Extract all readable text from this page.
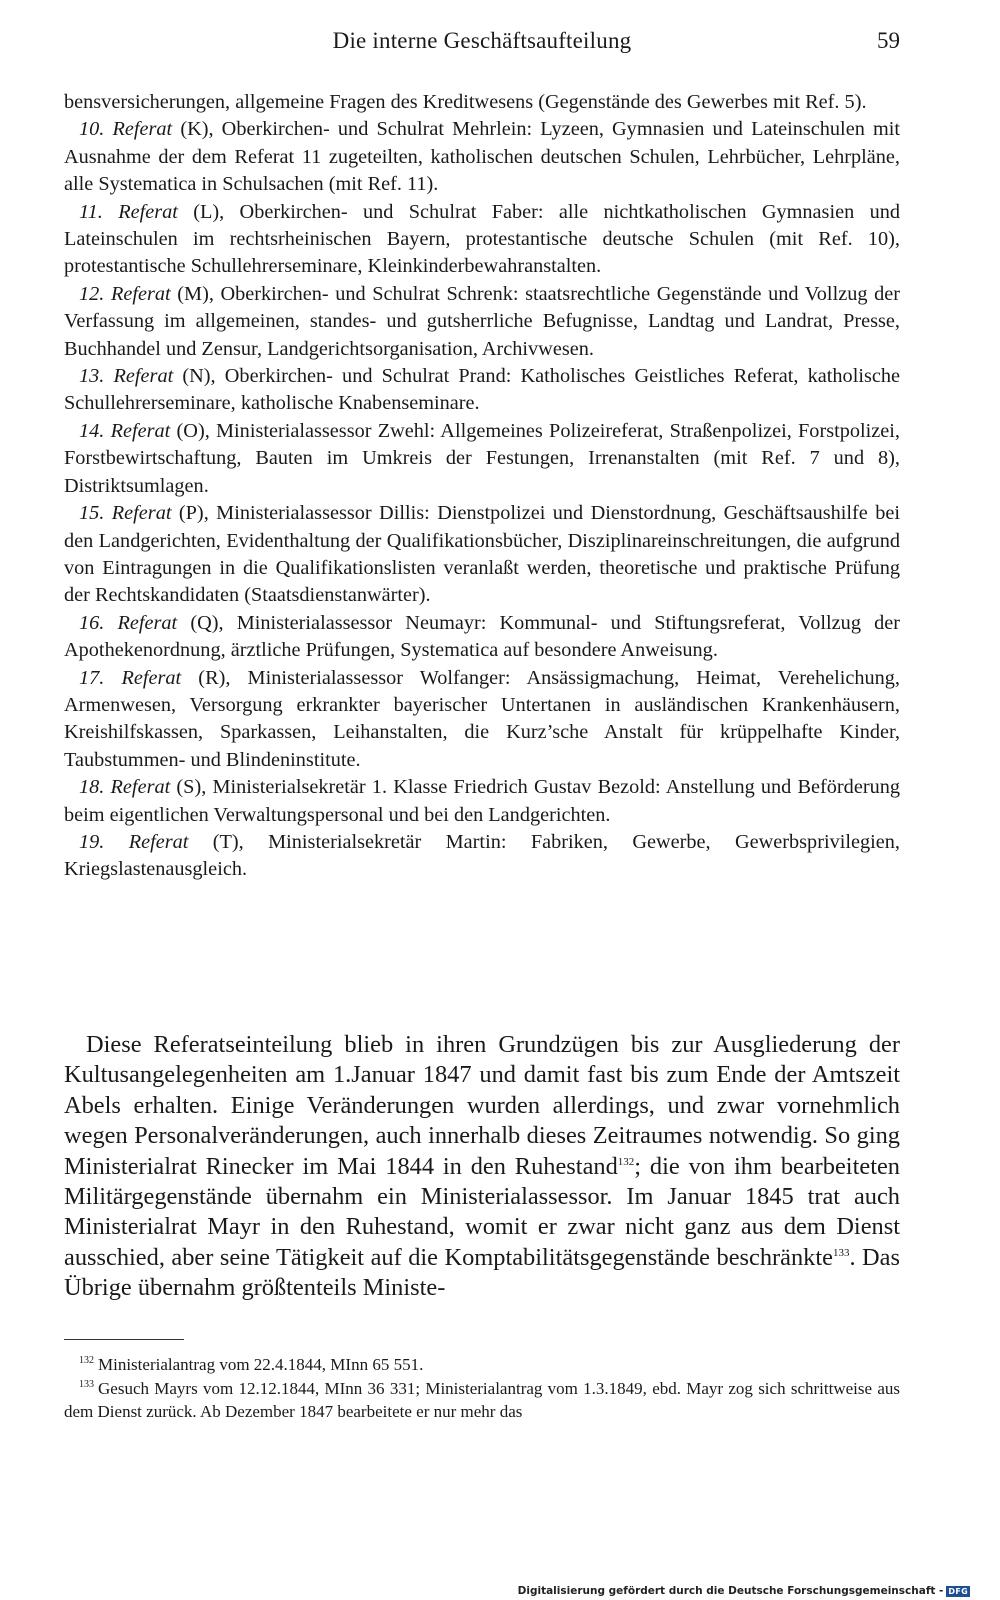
Die interne Geschäftsaufteilung	59

bensversicherungen, allgemeine Fragen des Kreditwesens (Gegenstände des Gewerbes mit Ref. 5).

10. Referat (K), Oberkirchen- und Schulrat Mehrlein: Lyzeen, Gymnasien und Lateinschulen mit Ausnahme der dem Referat 11 zugeteilten, katholischen deutschen Schulen, Lehrbücher, Lehrpläne, alle Systematica in Schulsachen (mit Ref. 11).

11. Referat (L), Oberkirchen- und Schulrat Faber: alle nichtkatholischen Gymnasien und Lateinschulen im rechtsrheinischen Bayern, protestantische deutsche Schulen (mit Ref. 10), protestantische Schullehrerseminare, Kleinkinderbewahranstalten.

12. Referat (M), Oberkirchen- und Schulrat Schrenk: staatsrechtliche Gegenstände und Vollzug der Verfassung im allgemeinen, standes- und gutsherrliche Befugnisse, Landtag und Landrat, Presse, Buchhandel und Zensur, Landgerichtsorganisation, Archivwesen.

13. Referat (N), Oberkirchen- und Schulrat Prand: Katholisches Geistliches Referat, katholische Schullehrerseminare, katholische Knabenseminare.

14. Referat (O), Ministerialassessor Zwehl: Allgemeines Polizeireferat, Straßenpolizei, Forstpolizei, Forstbewirtschaftung, Bauten im Umkreis der Festungen, Irrenanstalten (mit Ref. 7 und 8), Distriktsumlagen.

15. Referat (P), Ministerialassessor Dillis: Dienstpolizei und Dienstordnung, Geschäftsaushilfe bei den Landgerichten, Evidenthaltung der Qualifikationsbücher, Disziplinareinschreitungen, die aufgrund von Eintragungen in die Qualifikationslisten veranlaßt werden, theoretische und praktische Prüfung der Rechtskandidaten (Staatsdienstanwärter).

16. Referat (Q), Ministerialassessor Neumayr: Kommunal- und Stiftungsreferat, Vollzug der Apothekenordnung, ärztliche Prüfungen, Systematica auf besondere Anweisung.

17. Referat (R), Ministerialassessor Wolfanger: Ansässigmachung, Heimat, Verehelichung, Armenwesen, Versorgung erkrankter bayerischer Untertanen in ausländischen Krankenhäusern, Kreishilfskassen, Sparkassen, Leihanstalten, die Kurz’sche Anstalt für krüppelhafte Kinder, Taubstummen- und Blindeninstitute.

18. Referat (S), Ministerialsekretär 1. Klasse Friedrich Gustav Bezold: Anstellung und Beförderung beim eigentlichen Verwaltungspersonal und bei den Landgerichten.

19. Referat (T), Ministerialsekretär Martin: Fabriken, Gewerbe, Gewerbsprivilegien, Kriegslastenausgleich.

Diese Referatseinteilung blieb in ihren Grundzügen bis zur Ausgliederung der Kultusangelegenheiten am 1.Januar 1847 und damit fast bis zum Ende der Amtszeit Abels erhalten. Einige Veränderungen wurden allerdings, und zwar vornehmlich wegen Personalveränderungen, auch innerhalb dieses Zeitraumes notwendig. So ging Ministerialrat Rinecker im Mai 1844 in den Ruhestand$^{132}$; die von ihm bearbeiteten Militärgegenstände übernahm ein Ministerialassessor. Im Januar 1845 trat auch Ministerialrat Mayr in den Ruhestand, womit er zwar nicht ganz aus dem Dienst ausschied, aber seine Tätigkeit auf die Komptabilitätsgegenstände beschränkte$^{133}$. Das Übrige übernahm größtenteils Ministe-

$^{132}$ Ministerialantrag vom 22.4.1844, MInn 65 551.

$^{133}$ Gesuch Mayrs vom 12.12.1844, MInn 36 331; Ministerialantrag vom 1.3.1849, ebd. Mayr zog sich schrittweise aus dem Dienst zurück. Ab Dezember 1847 bearbeitete er nur mehr das

Digitalisierung gefördert durch die Deutsche Forschungsgemeinschaft - DFG
